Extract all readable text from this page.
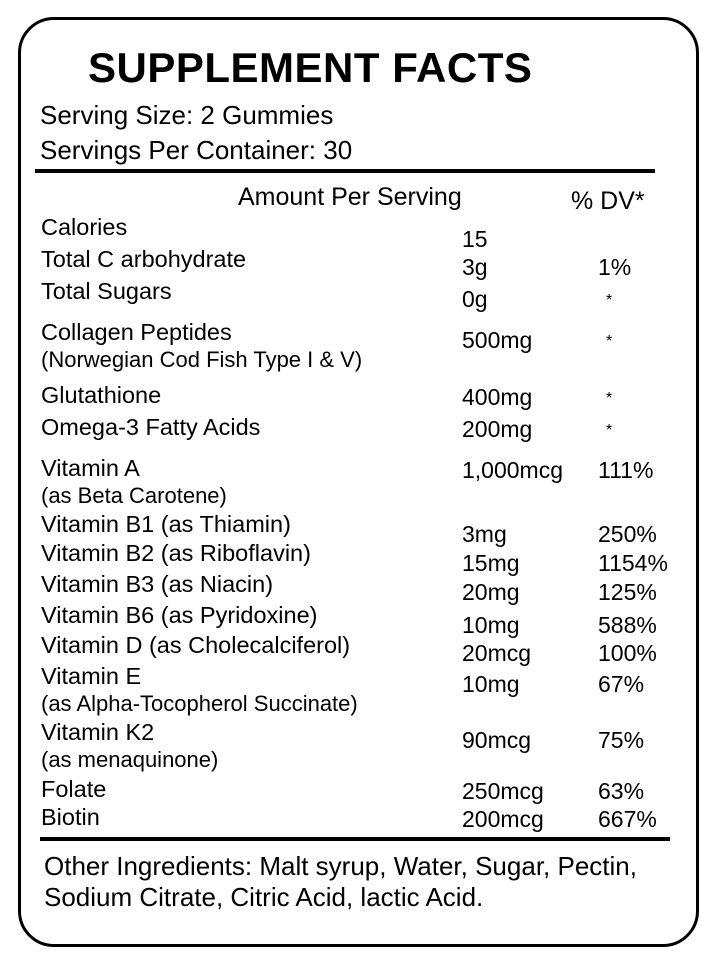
SUPPLEMENT FACTS
Serving Size: 2 Gummies
Servings Per Container: 30
Amount Per Serving	% DV*
Calories	15
Total C arbohydrate	3g	1%
Total Sugars	0g	*
Collagen Peptides
(Norwegian Cod Fish Type I & V)
500mg	*
Glutathione	400mg	*
Omega-3 Fatty Acids	200mg	*
Vitamin A
(as Beta Carotene)
1,000mcg 111%
Vitamin B1 (as Thiamin)	3mg	250%
Vitamin B2 (as Riboflavin)	15mg	1154%
Vitamin B3 (as Niacin)	20mg	125%
Vitamin B6 (as Pyridoxine)	10mg	588%
Vitamin D (as Cholecalciferol)	20mcg	100%
Vitamin E
(as Alpha-Tocopherol Succinate)
10mg	67%
Vitamin K2
(as menaquinone)
90mcg	75%
Folate	250mcg 63%
Biotin	200mcg 667%
Other Ingredients: Malt syrup, Water, Sugar, Pectin, Sodium Citrate, Citric Acid, lactic Acid.
